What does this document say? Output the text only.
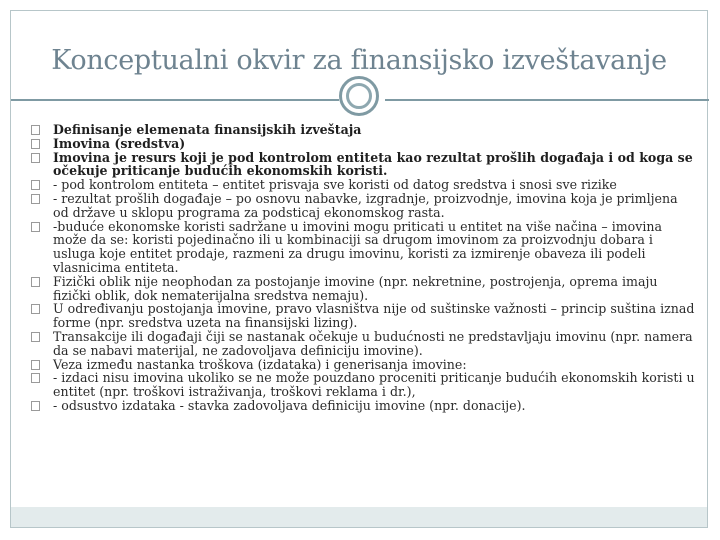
Konceptualni okvir za finansijsko izveštavanje
Definisanje elemenata finansijskih izveštaja
Imovina (sredstva)
Imovina je resurs koji je pod kontrolom entiteta kao rezultat prošlih događaja i od koga se očekuje priticanje budućih ekonomskih koristi.
- pod kontrolom entiteta – entitet prisvaja sve koristi od datog sredstva i snosi sve rizike
- rezultat prošlih događaje – po osnovu nabavke, izgradnje, proizvodnje, imovina koja je primljena od države u sklopu programa za podsticaj ekonomskog rasta.
-buduće ekonomske koristi sadržane u imovini mogu priticati u entitet na više načina – imovina može da se: koristi pojedinačno ili u kombinaciji sa drugom imovinom za proizvodnju dobara i usluga koje entitet prodaje, razmeni za drugu imovinu, koristi za izmirenje obaveza ili podeli vlasnicima entiteta.
Fizički oblik nije neophodan za postojanje imovine (npr. nekretnine, postrojenja, oprema imaju fizički oblik, dok nematerijalna sredstva nemaju).
U određivanju postojanja imovine, pravo vlasništva nije od suštinske važnosti – princip suština iznad forme (npr. sredstva uzeta na finansijski lizing).
Transakcije ili događaji čiji se nastanak očekuje u budućnosti ne predstavljaju imovinu (npr. namera da se nabavi materijal, ne zadovoljava definiciju imovine).
Veza između nastanka troškova (izdataka) i generisanja imovine:
- izdaci nisu imovina ukoliko se ne može pouzdano proceniti priticanje budućih ekonomskih koristi u entitet (npr. troškovi istraživanja, troškovi reklama i dr.),
- odsustvo izdataka - stavka zadovoljava definiciju imovine (npr. donacije).
